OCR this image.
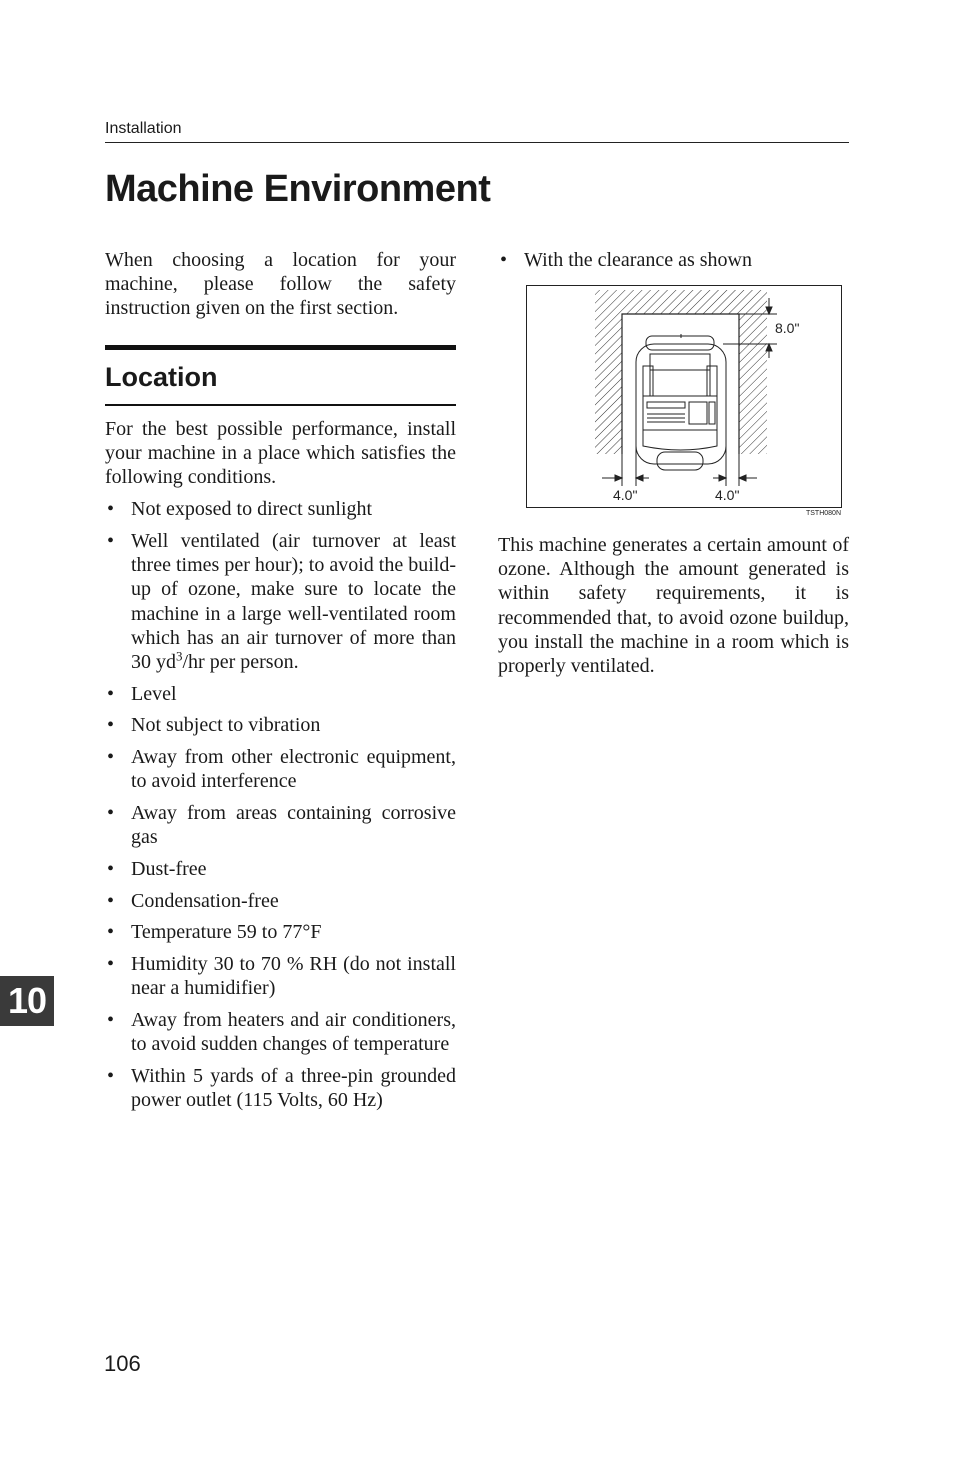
Installation
Machine Environment

When choosing a location for your machine, please follow the safety instruction given on the first section.

Location

For the best possible performance, install your machine in a place which satisfies the following conditions.

• Not exposed to direct sunlight
• Well ventilated (air turnover at least three times per hour); to avoid the build-up of ozone, make sure to locate the machine in a large well-ventilated room which has an air turnover of more than 30 $yd^3/hr$ per person.
• Level
• Not subject to vibration
• Away from other electronic equipment, to avoid interference
• Away from areas containing corrosive gas
• Dust-free
• Condensation-free
• Temperature 59 to 77°F
• Humidity 30 to 70 % RH (do not install near a humidifier)
• Away from heaters and air conditioners, to avoid sudden changes of temperature
• Within 5 yards of a three-pin grounded power outlet (115 Volts, 60 Hz)
• With the clearance as shown
8.0"
4.0"	4.0"
TSTH080N

This machine generates a certain amount of ozone. Although the amount generated is within safety requirements, it is recommended that, to avoid ozone buildup, you install the machine in a room which is properly ventilated.

10
106
